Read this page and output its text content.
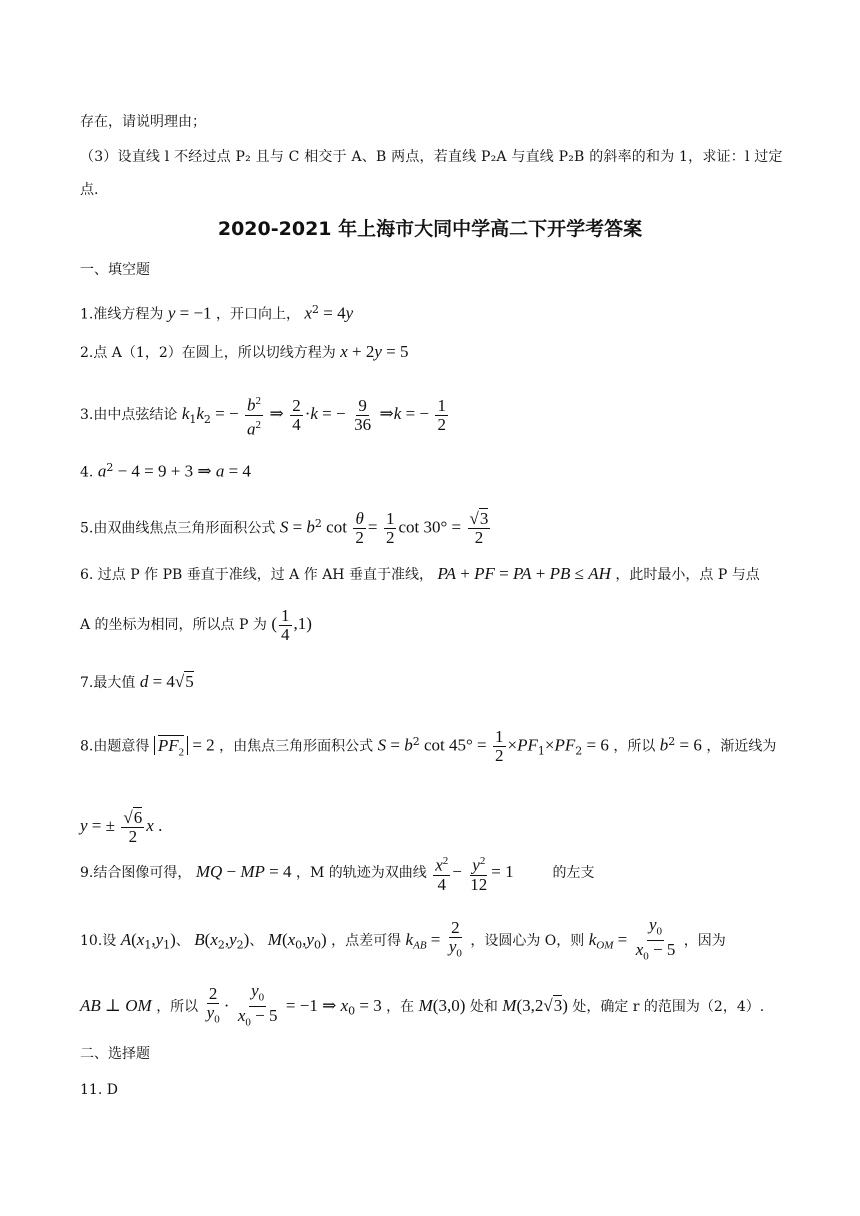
存在，请说明理由；
（3）设直线 l 不经过点 P₂ 且与 C 相交于 A、B 两点，若直线 P₂A 与直线 P₂B 的斜率的和为 1，求证：l 过定
点.
2020-2021 年上海市大同中学高二下开学考答案
一、填空题
1.准线方程为 y = −1 ，开口向上， $x^2 = 4y$
2.点 A（1，2）在圆上，所以切线方程为 x + 2y = 5
3.由中点弦结论 $k_1k_2$ = − $\frac{b^2}{a^2}$ ⇒ $\frac{2}{4} \cdot k$ = − $\frac{9}{36}$ ⇒k = − $\frac{1}{2}$
4. $a^2 - 4 = 9 + 3$ ⇒ a = 4
5.由双曲线焦点三角形面积公式 $S = b^2$ $\cot \frac{\theta}{2} = \frac{1}{2}$ $\cot 30^\circ = \frac{√3}{2}$
6. 过点 P 作 PB 垂直于准线，过 A 作 AH 垂直于准线， PA + PF = PA + PB ≤ AH ，此时最小，点 P 与点
A 的坐标为相同，所以点 P 为 ( $\frac{1}{4} ,1$)
7.最大值 d = 4√5
8.由题意得 $PF_2 = 2$ ，由焦点三角形面积公式 $S = b^2$ $\cot 45^\circ = \frac{1}{2} \times PF_1\times PF_2 = 6$ ，所以 $b^2 = 6$ ，渐近线为
y = ± $\frac{√6}{2}$ x .
9.结合图像可得， MQ − MP = 4 ，M 的轨迹为双曲线 $\frac{x^2}{4} - \frac{y^2}{12} = 1$	的左支
10.设 $A(x_1,y_1)$、 $B(x_2,y_2)$、 $M(x_0,y_0)$ ，点差可得 $k_{AB} = \frac{2}{y_0}$ ，设圆心为 O，则 $k_{OM} = \frac{y_0}{x_0 - 5}$ ，因为
AB ⊥ OM ，所以 $\frac{2}{y_0} \cdot \frac{y_0}{x_0 - 5} = -1$ ⇒ $x_0 = 3$ ，在 M(3,0) 处和 M(3,2√3) 处，确定 r 的范围为（2，4）.
二、选择题
11. D
